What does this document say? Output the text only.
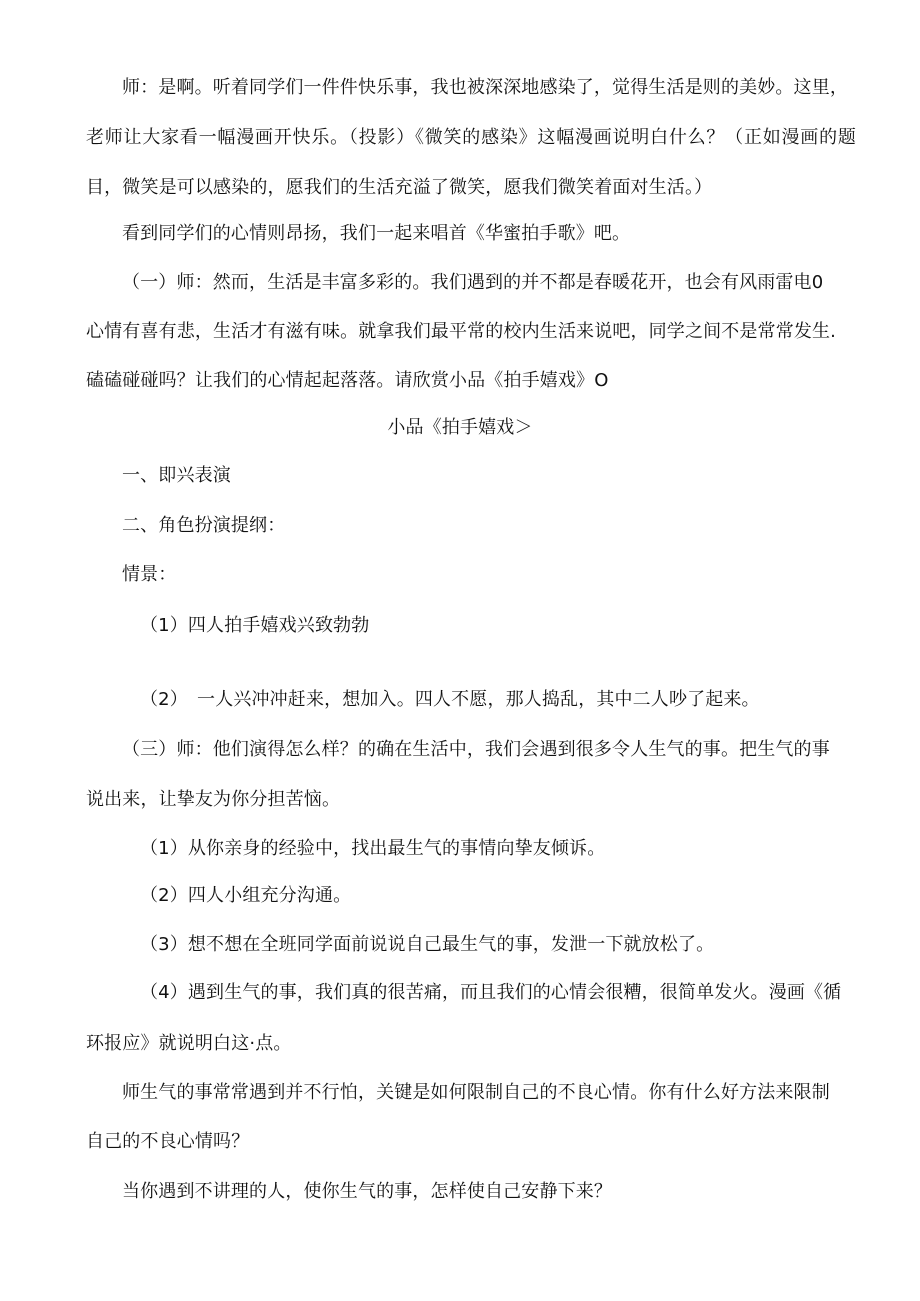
师：是啊。听着同学们一件件快乐事，我也被深深地感染了，觉得生活是则的美妙。这里，
老师让大家看一幅漫画开快乐。（投影）《微笑的感染》这幅漫画说明白什么？（正如漫画的题
目，微笑是可以感染的，愿我们的生活充溢了微笑，愿我们微笑着面对生活。）
看到同学们的心情则昂扬，我们一起来唱首《华蜜拍手歌》吧。
（一）师：然而，生活是丰富多彩的。我们遇到的并不都是春暖花开，也会有风雨雷电0
心情有喜有悲，生活才有滋有味。就拿我们最平常的校内生活来说吧，同学之间不是常常发生.
磕磕碰碰吗？让我们的心情起起落落。请欣赏小品《拍手嬉戏》O
小品《拍手嬉戏＞
一、即兴表演
二、角色扮演提纲：
情景：
（1）四人拍手嬉戏兴致勃勃
（2）　一人兴冲冲赶来，想加入。四人不愿，那人捣乱，其中二人吵了起来。
（三）师：他们演得怎么样？的确在生活中，我们会遇到很多令人生气的事。把生气的事
说出来，让挚友为你分担苦恼。
（1）从你亲身的经验中，找出最生气的事情向挚友倾诉。
（2）四人小组充分沟通。
（3）想不想在全班同学面前说说自己最生气的事，发泄一下就放松了。
（4）遇到生气的事，我们真的很苦痛，而且我们的心情会很糟，很简单发火。漫画《循
环报应》就说明白这·点。
师生气的事常常遇到并不行怕，关键是如何限制自己的不良心情。你有什么好方法来限制
自己的不良心情吗？
当你遇到不讲理的人，使你生气的事，怎样使自己安静下来？
